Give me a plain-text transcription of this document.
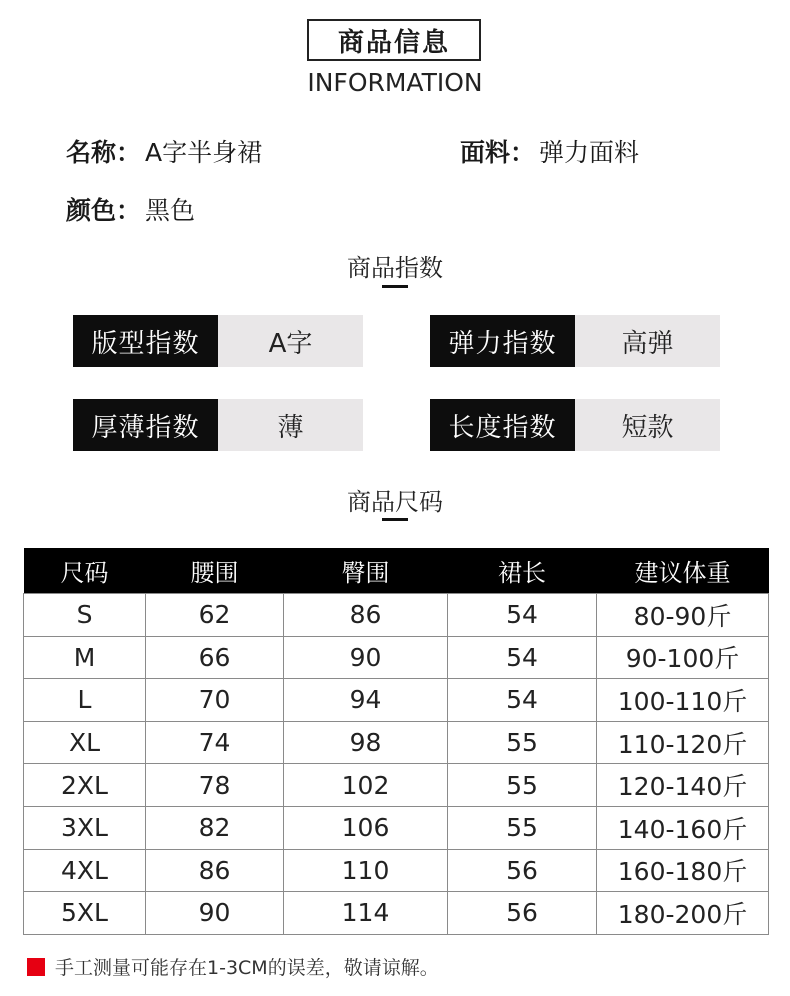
商品信息
INFORMATION
名称： A字半身裙	面料： 弹力面料
颜色： 黑色
商品指数
版型指数	A字	弹力指数	高弹
厚薄指数	薄	长度指数	短款
商品尺码
尺码	腰围	臀围	裙长	建议体重
S	62	86	54	80-90斤
M	66	90	54	90-100斤
L	70	94	54	100-110斤
XL	74	98	55	110-120斤
2XL	78	102	55	120-140斤
3XL	82	106	55	140-160斤
4XL	86	110	56	160-180斤
5XL	90	114	56	180-200斤
手工测量可能存在1-3CM的误差，敬请谅解。
